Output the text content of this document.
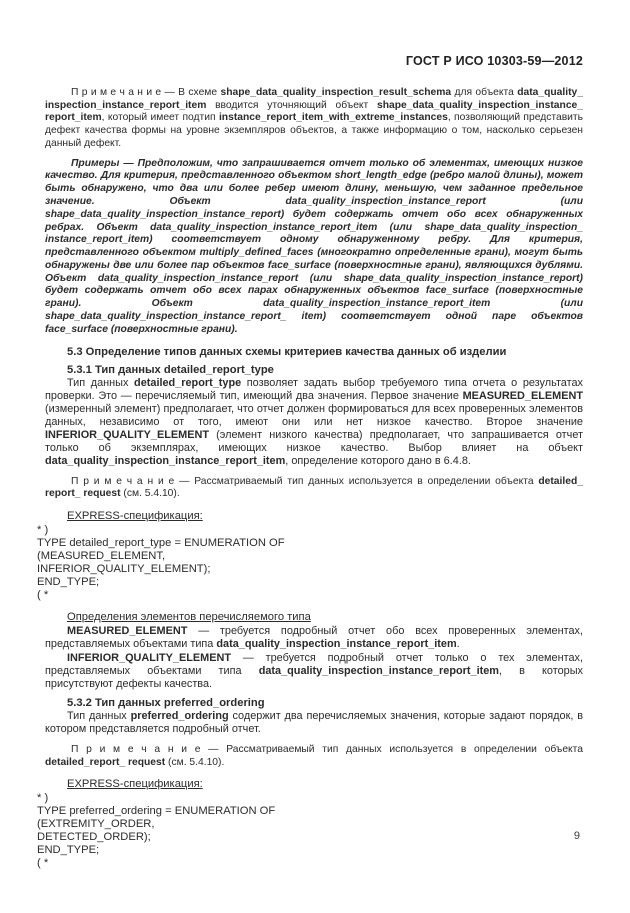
ГОСТ Р ИСО 10303-59—2012

П р и м е ч а н и е — В схеме shape_data_quality_inspection_result_schema для объекта data_quality_ inspection_instance_report_item вводится уточняющий объект shape_data_quality_inspection_instance_ report_item, который имеет подтип instance_report_item_with_extreme_instances, позволяющий представить дефект качества формы на уровне экземпляров объектов, а также информацию о том, насколько серьезен данный дефект.

Примеры — Предположим, что запрашивается отчет только об элементах, имеющих низкое качество. Для критерия, представленного объектом short_length_edge (ребро малой длины), может быть обнаружено, что два или более ребер имеют длину, меньшую, чем заданное предельное значение. Объект data_quality_inspection_instance_report (или shape_data_quality_inspection_instance_report) будет содержать отчет обо всех обнаруженных ребрах. Объект data_quality_inspection_instance_report_item (или shape_data_quality_inspection_ instance_report_item) соответствует одному обнаруженному ребру. Для критерия, представленного объектом multiply_defined_faces (многократно определенные грани), могут быть обнаружены две или более пар объектов face_surface (поверхностные грани), являющихся дублями. Объект data_quality_inspection_instance_report (или shape_data_quality_inspection_instance_report) будет содержать отчет обо всех парах обнаруженных объектов face_surface (поверхностные грани). Объект data_quality_inspection_instance_report_item (или shape_data_quality_inspection_instance_report_ item) соответствует одной паре объектов face_surface (поверхностные грани).

5.3 Определение типов данных схемы критериев качества данных об изделии
5.3.1 Тип данных detailed_report_type

Тип данных detailed_report_type позволяет задать выбор требуемого типа отчета о результатах проверки. Это — перечисляемый тип, имеющий два значения. Первое значение MEASURED_ELEMENT (измеренный элемент) предполагает, что отчет должен формироваться для всех проверенных элементов данных, независимо от того, имеют они или нет низкое качество. Второе значение INFERIOR_QUALITY_ELEMENT (элемент низкого качества) предполагает, что запрашивается отчет только об экземплярах, имеющих низкое качество. Выбор влияет на объект data_quality_inspection_instance_report_item, определение которого дано в 6.4.8.

П р и м е ч а н и е — Рассматриваемый тип данных используется в определении объекта detailed_ report_ request (см. 5.4.10).

EXPRESS-спецификация:

* )
TYPE detailed_report_type = ENUMERATION OF
(MEASURED_ELEMENT,
INFERIOR_QUALITY_ELEMENT);
END_TYPE;
( *

Определения элементов перечисляемого типа

MEASURED_ELEMENT — требуется подробный отчет обо всех проверенных элементах, представляемых объектами типа data_quality_inspection_instance_report_item.

INFERIOR_QUALITY_ELEMENT — требуется подробный отчет только о тех элементах, представляемых объектами типа data_quality_inspection_instance_report_item, в которых присутствуют дефекты качества.

5.3.2 Тип данных preferred_ordering

Тип данных preferred_ordering содержит два перечисляемых значения, которые задают порядок, в котором представляется подробный отчет.

П р и м е ч а н и е — Рассматриваемый тип данных используется в определении объекта detailed_report_ request (см. 5.4.10).

EXPRESS-спецификация:

* )
TYPE preferred_ordering = ENUMERATION OF
(EXTREMITY_ORDER,
DETECTED_ORDER);
END_TYPE;
( *
9
